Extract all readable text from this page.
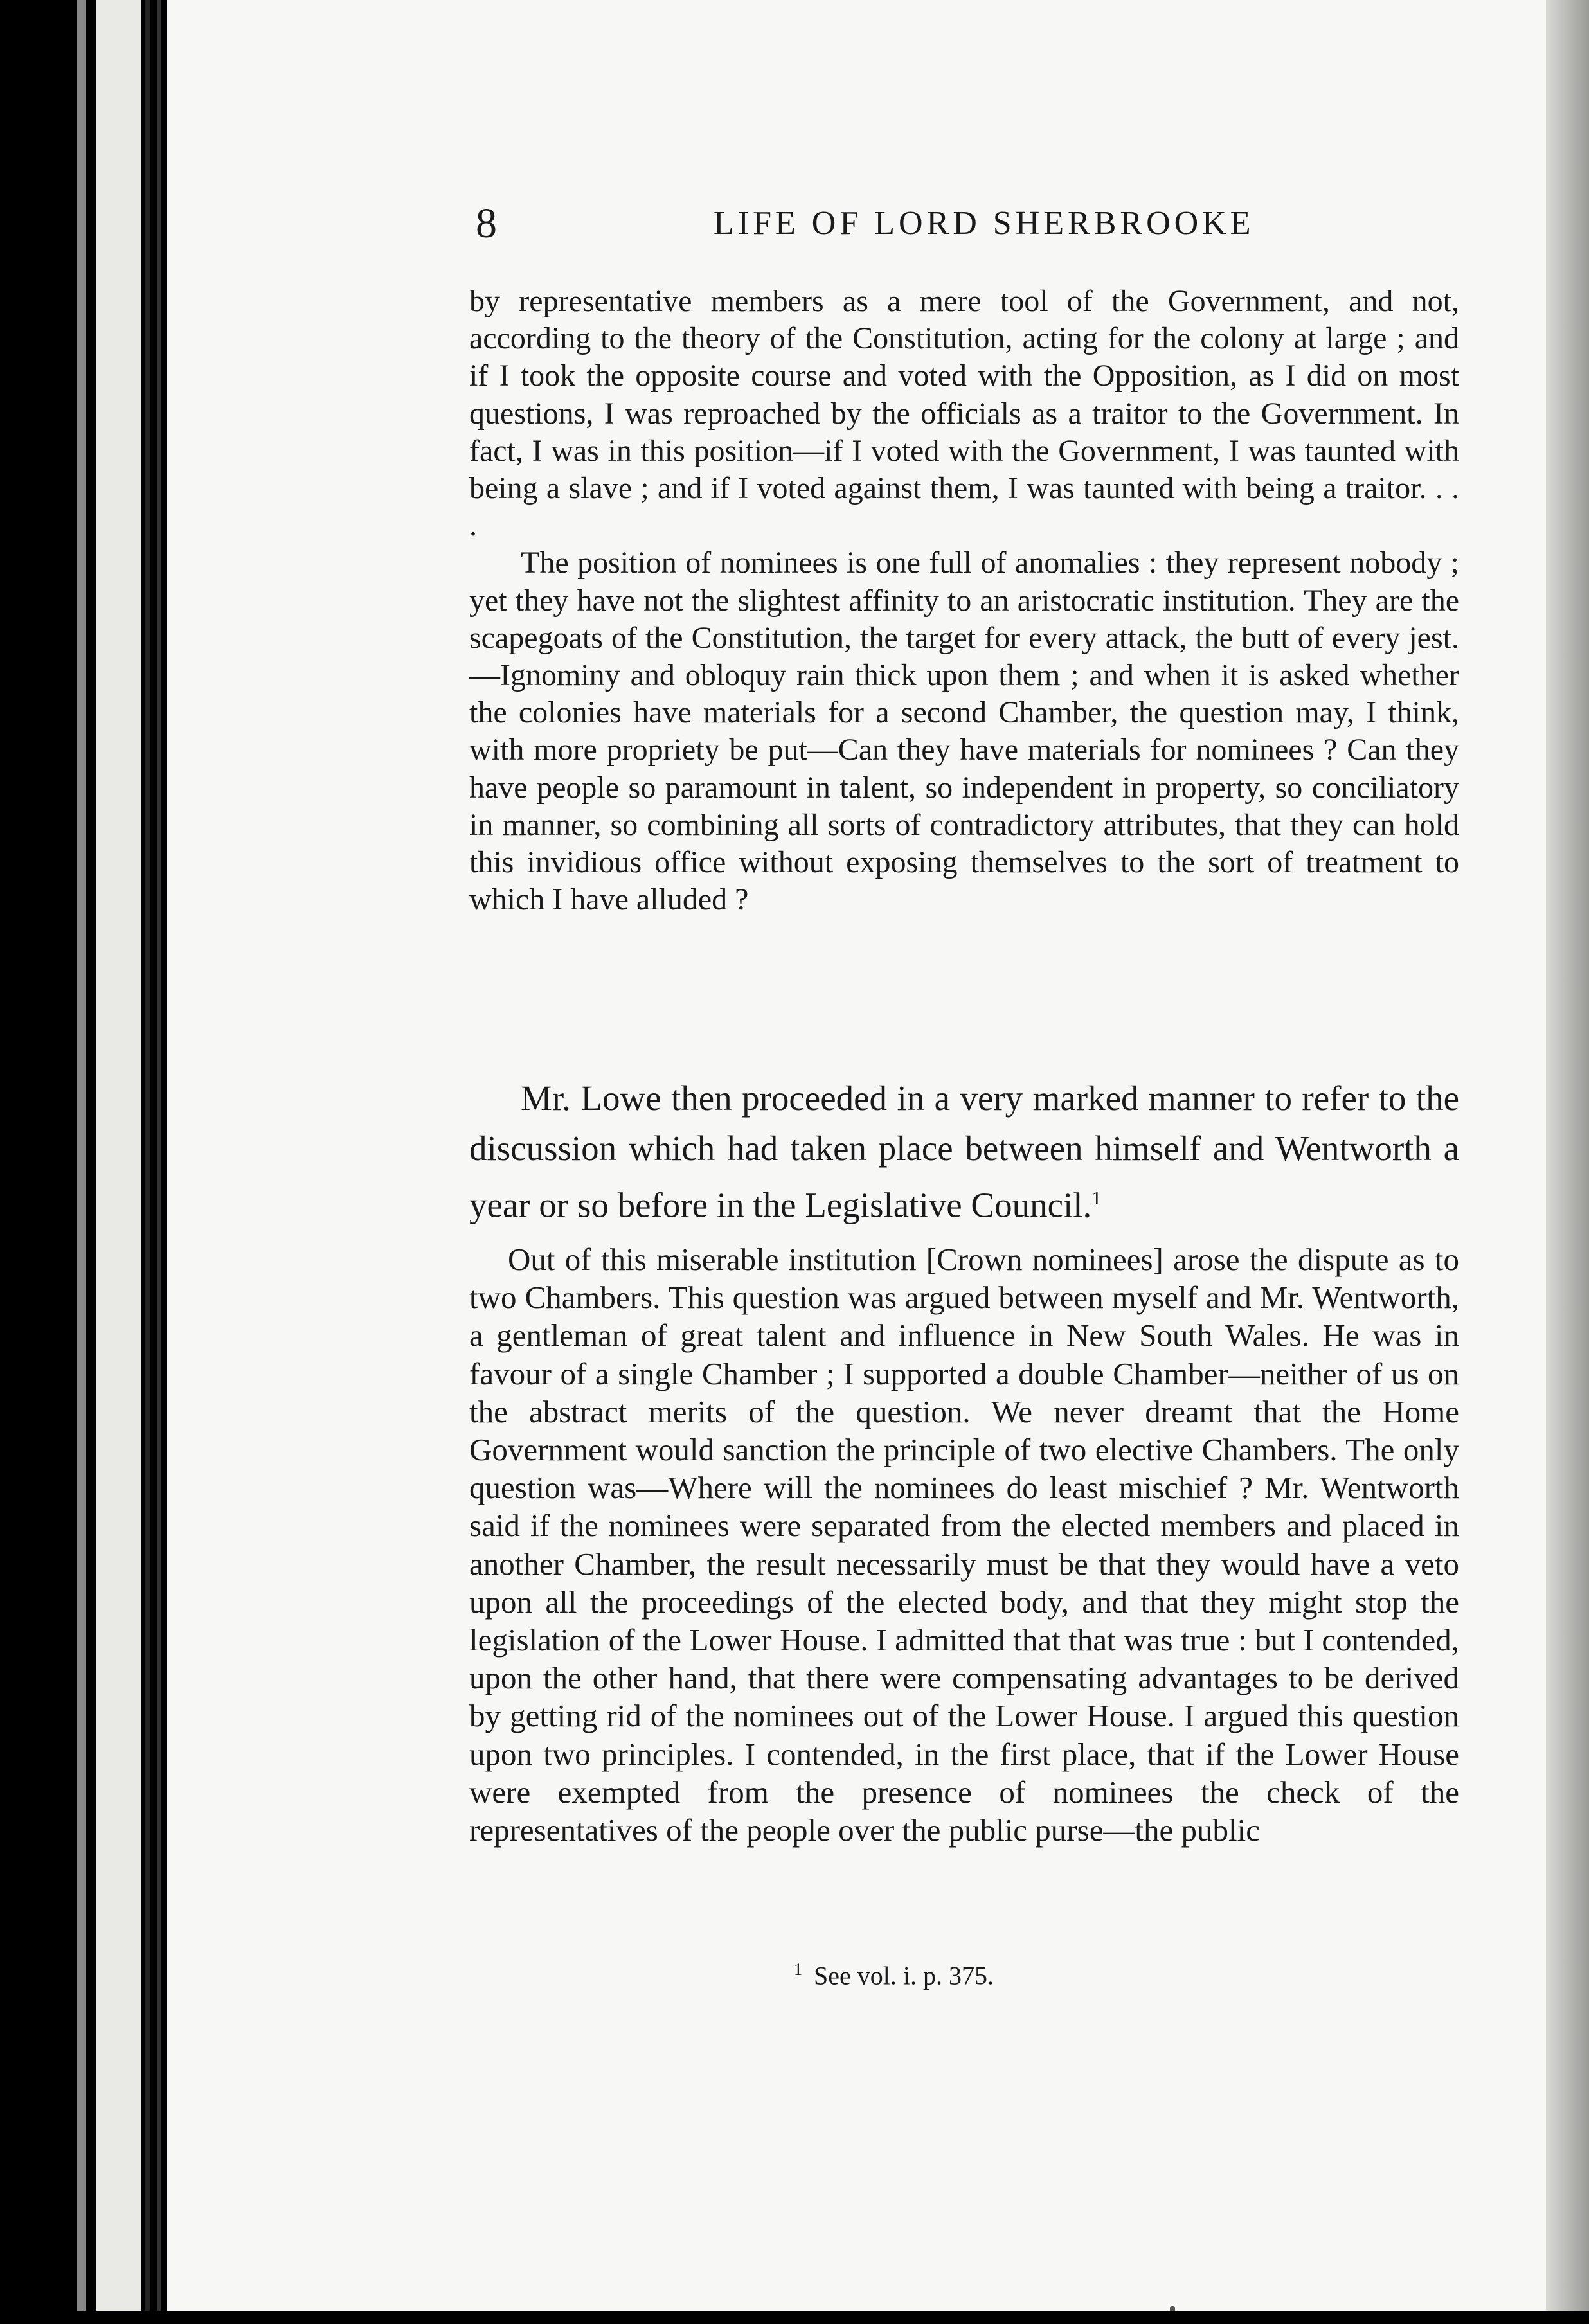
8	LIFE OF LORD SHERBROOKE

by representative members as a mere tool of the Government, and not, according to the theory of the Constitution, acting for the colony at large ; and if I took the opposite course and voted with the Opposition, as I did on most questions, I was reproached by the officials as a traitor to the Government. In fact, I was in this position—if I voted with the Government, I was taunted with being a slave ; and if I voted against them, I was taunted with being a traitor. . . .

The position of nominees is one full of anomalies : they represent nobody ; yet they have not the slightest affinity to an aristocratic institution. They are the scapegoats of the Constitution, the target for every attack, the butt of every jest.—Ignominy and obloquy rain thick upon them ; and when it is asked whether the colonies have materials for a second Chamber, the question may, I think, with more propriety be put—Can they have materials for nominees ? Can they have people so paramount in talent, so independent in property, so conciliatory in manner, so combining all sorts of contradictory attributes, that they can hold this invidious office without exposing themselves to the sort of treatment to which I have alluded ?

Mr. Lowe then proceeded in a very marked manner to refer to the discussion which had taken place between himself and Wentworth a year or so before in the Legislative Council.$^1$

Out of this miserable institution [Crown nominees] arose the dispute as to two Chambers. This question was argued between myself and Mr. Wentworth, a gentleman of great talent and influence in New South Wales. He was in favour of a single Chamber ; I supported a double Chamber—neither of us on the abstract merits of the question. We never dreamt that the Home Government would sanction the principle of two elective Chambers. The only question was—Where will the nominees do least mischief ? Mr. Wentworth said if the nominees were separated from the elected members and placed in another Chamber, the result necessarily must be that they would have a veto upon all the proceedings of the elected body, and that they might stop the legislation of the Lower House. I admitted that that was true : but I contended, upon the other hand, that there were compensating advantages to be derived by getting rid of the nominees out of the Lower House. I argued this question upon two principles. I contended, in the first place, that if the Lower House were exempted from the presence of nominees the check of the representatives of the people over the public purse—the public

$^1$ See vol. i. p. 375.
